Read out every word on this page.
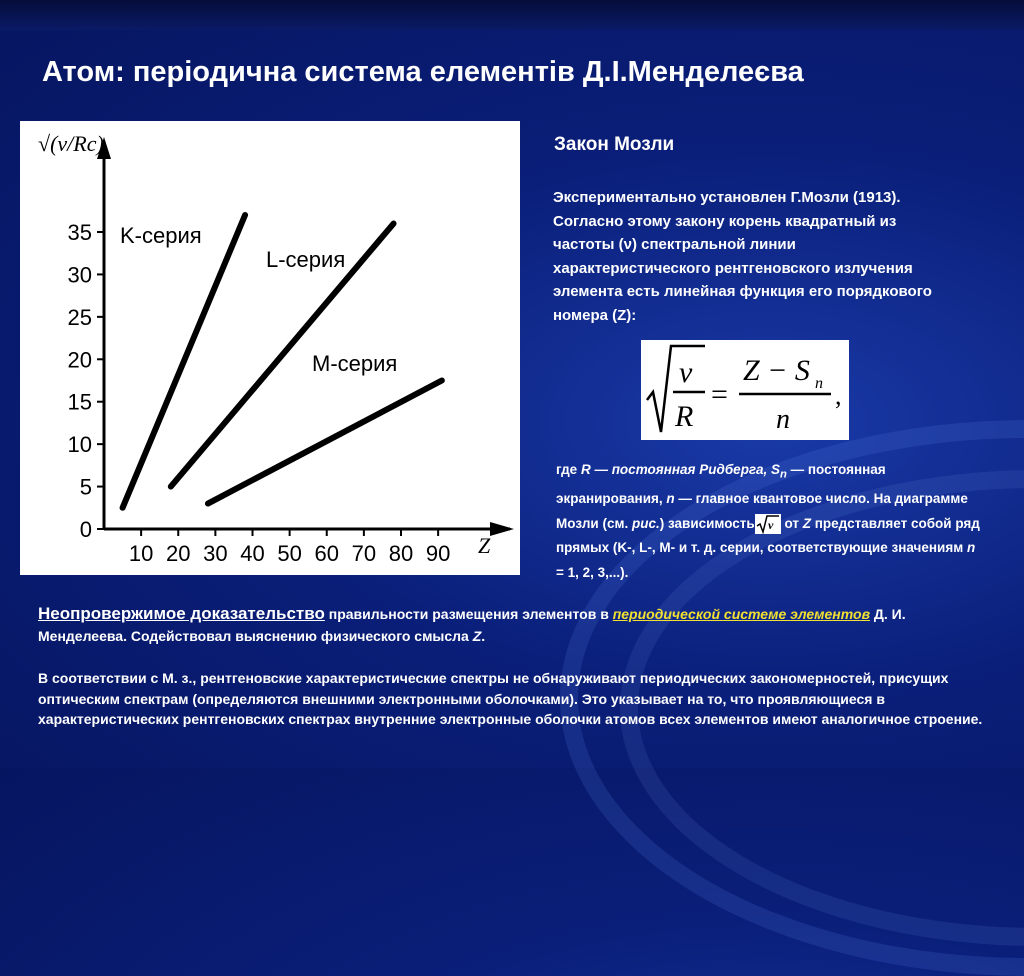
Атом: періодична система елементів Д.І.Менделеєва
10 20 30 40 50 60 70 80 90
0
5
10
15
20
25
30
35 K-серия
L-серия
M-серия
√(ν/Rc)
Z
Закон Мозли
Экспериментально установлен Г.Мозли (1913). Согласно этому закону корень квадратный из частоты (ν) спектральной линии характеристического рентгеновского излучения элемента есть линейная функция его порядкового номера (Z):
ν
R
=
Z − S n
n
,
где R — постоянная Ридберга, $S_n$ — постоянная экранирования, n — главное квантовое число. На диаграмме Мозли (см. рис.) зависимость ν от Z представляет собой ряд прямых (K-, L-, M- и т. д. серии, соответствующие значениям n = 1, 2, 3,...).
Неопровержимое доказательство правильности размещения элементов в периодической системе элементов Д. И. Менделеева. Содействовал выяснению физического смысла Z.
В соответствии с М. з., рентгеновские характеристические спектры не обнаруживают периодических закономерностей, присущих оптическим спектрам (определяются внешними электронными оболочками). Это указывает на то, что проявляющиеся в характеристических рентгеновских спектрах внутренние электронные оболочки атомов всех элементов имеют аналогичное строение.
